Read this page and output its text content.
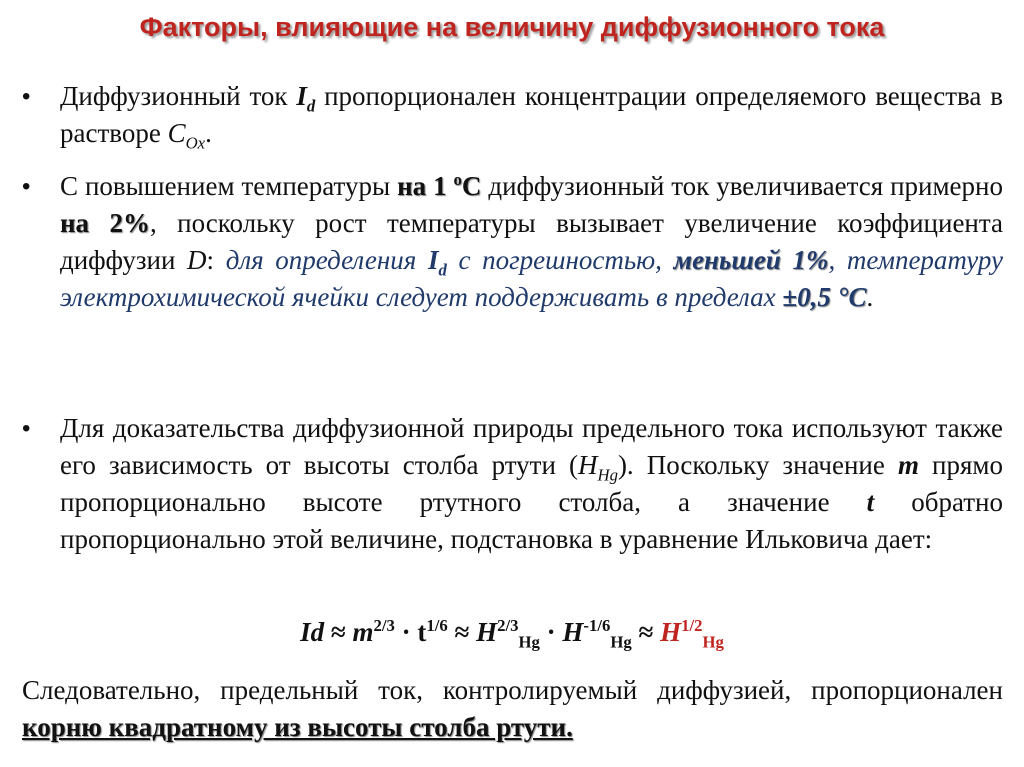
Факторы, влияющие на величину диффузионного тока
• Диффузионный ток $I_d$ пропорционален концентрации определяемого вещества в растворе $C_{Ox}$.
• С повышением температуры на 1 $^о$С диффузионный ток увеличивается примерно на 2%, поскольку рост температуры вызывает увеличение коэффициента диффузии D: для определения $I_d$ с погрешностью, меньшей 1%, температуру электрохимической ячейки следует поддерживать в пределах ±0,5 °С.
• Для доказательства диффузионной природы предельного тока используют также его зависимость от высоты столба ртути $(H_{Hg})$. Поскольку значение m прямо пропорционально высоте ртутного столба, а значение t обратно пропорционально этой величине, подстановка в уравнение Ильковича дает:
$Id \approx m^{2/3} \cdot t^{1/6} \approx H^{2/3}_{Hg} \cdot H^{-1/6}_{Hg} \approx H^{1/2}_{Hg}$
Следовательно, предельный ток, контролируемый диффузией, пропорционален корню квадратному из высоты столба ртути.
